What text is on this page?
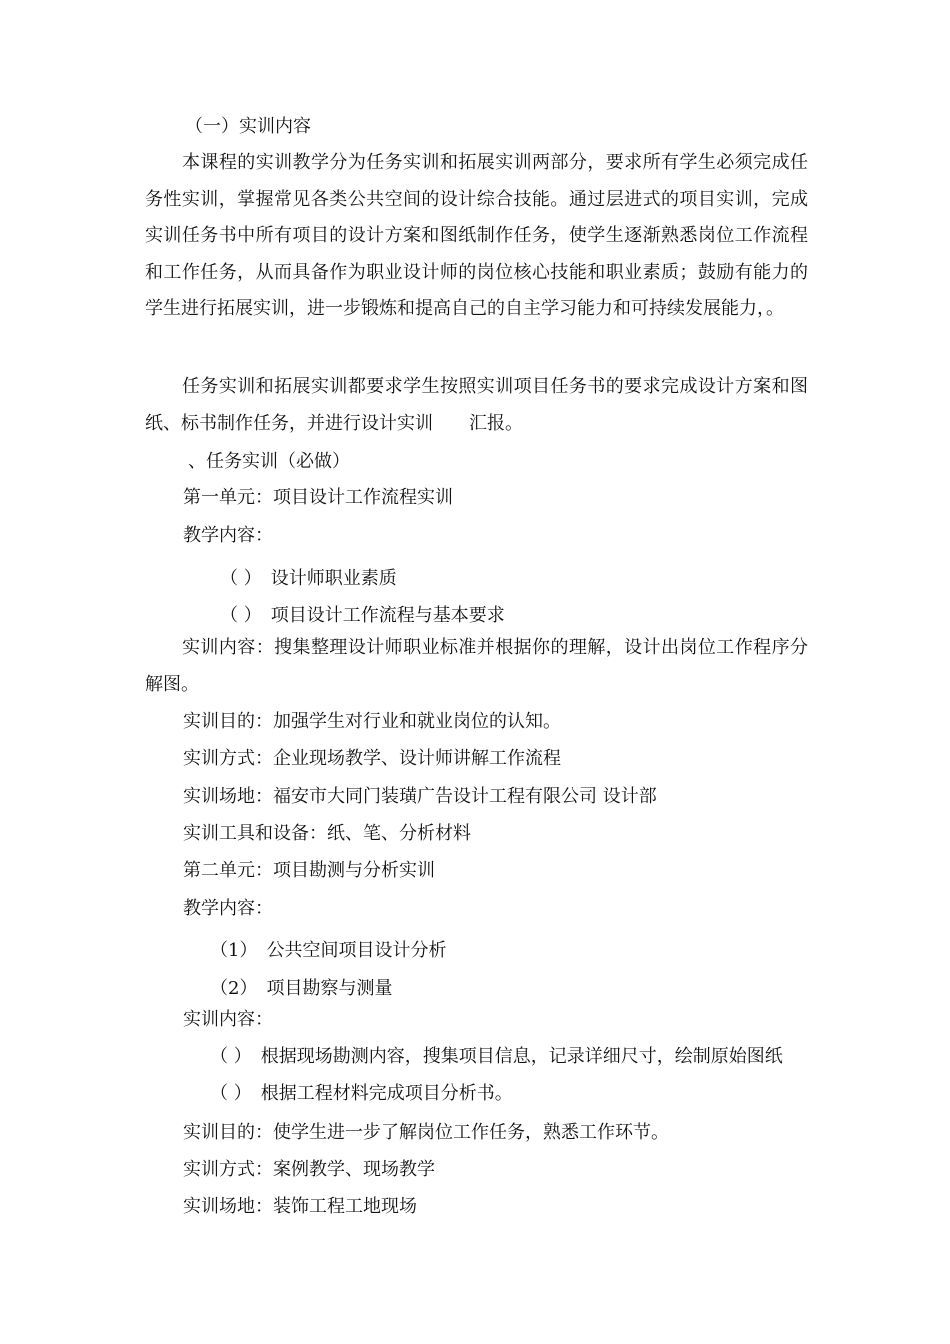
（一）实训内容

本课程的实训教学分为任务实训和拓展实训两部分，要求所有学生必须完成任务性实训，掌握常见各类公共空间的设计综合技能。通过层进式的项目实训，完成实训任务书中所有项目的设计方案和图纸制作任务，使学生逐渐熟悉岗位工作流程和工作任务，从而具备作为职业设计师的岗位核心技能和职业素质；鼓励有能力的学生进行拓展实训，进一步锻炼和提高自己的自主学习能力和可持续发展能力，。

任务实训和拓展实训都要求学生按照实训项目任务书的要求完成设计方案和图纸、标书制作任务，并进行设计实训　　汇报。

、任务实训（必做）
第一单元：项目设计工作流程实训
教学内容：
（ ）　设计师职业素质
（ ）　项目设计工作流程与基本要求

实训内容：搜集整理设计师职业标准并根据你的理解，设计出岗位工作程序分解图。

实训目的：加强学生对行业和就业岗位的认知。
实训方式：企业现场教学、设计师讲解工作流程
实训场地：福安市大同门装璜广告设计工程有限公司 设计部
实训工具和设备：纸、笔、分析材料
第二单元：项目勘测与分析实训
教学内容：
（1）　公共空间项目设计分析
（2）　项目勘察与测量
实训内容：
（ ）　根据现场勘测内容，搜集项目信息，记录详细尺寸，绘制原始图纸
（ ）　根据工程材料完成项目分析书。
实训目的：使学生进一步了解岗位工作任务，熟悉工作环节。
实训方式：案例教学、现场教学
实训场地：装饰工程工地现场
